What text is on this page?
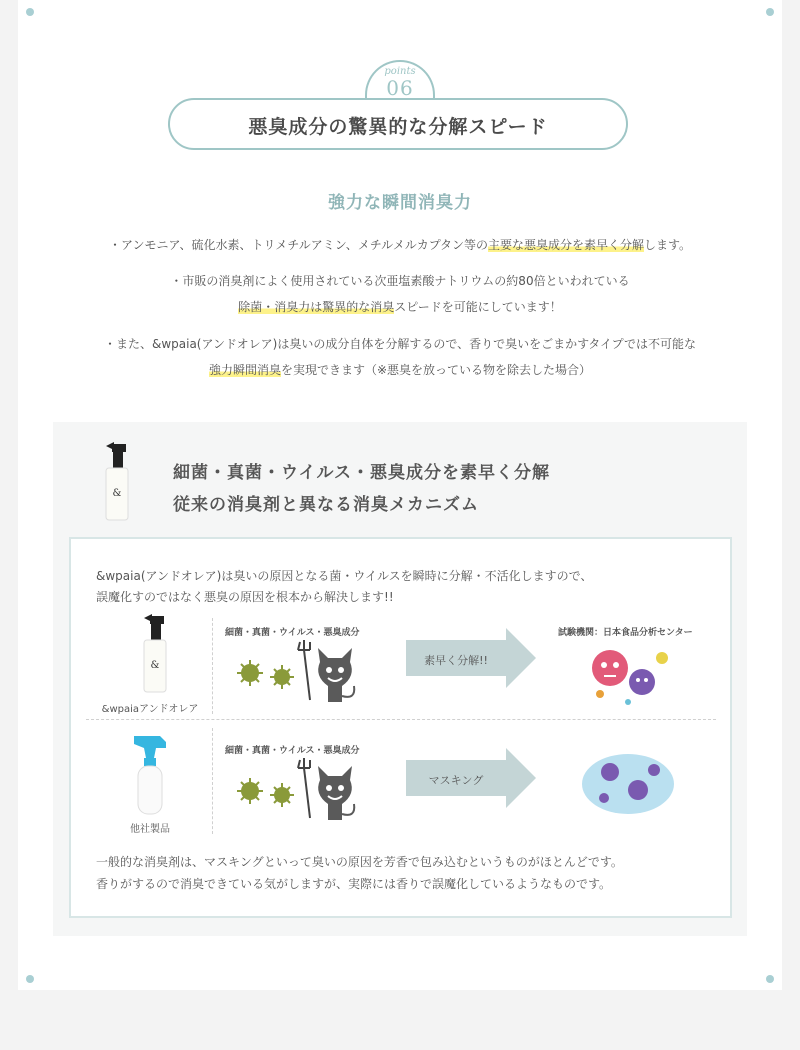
points
06
悪臭成分の驚異的な分解スピード
強力な瞬間消臭力
・アンモニア、硫化水素、トリメチルアミン、メチルメルカプタン等の主要な悪臭成分を素早く分解します。
・市販の消臭剤によく使用されている次亜塩素酸ナトリウムの約80倍といわれている
除菌・消臭力は驚異的な消臭スピードを可能にしています！
・また、&wpaia(アンドオレア)は臭いの成分自体を分解するので、香りで臭いをごまかすタイプでは不可能な
強力瞬間消臭を実現できます（※悪臭を放っている物を除去した場合）
&
細菌・真菌・ウイルス・悪臭成分を素早く分解
従来の消臭剤と異なる消臭メカニズム
&wpaia(アンドオレア)は臭いの原因となる菌・ウイルスを瞬時に分解・不活化しますので、
誤魔化すのではなく悪臭の原因を根本から解決します!!
&
&wpaiaアンドオレア
細菌・真菌・ウイルス・悪臭成分
素早く分解!!
試験機関：日本食品分析センター
他社製品
細菌・真菌・ウイルス・悪臭成分
マスキング
一般的な消臭剤は、マスキングといって臭いの原因を芳香で包み込むというものがほとんどです。
香りがするので消臭できている気がしますが、実際には香りで誤魔化しているようなものです。
